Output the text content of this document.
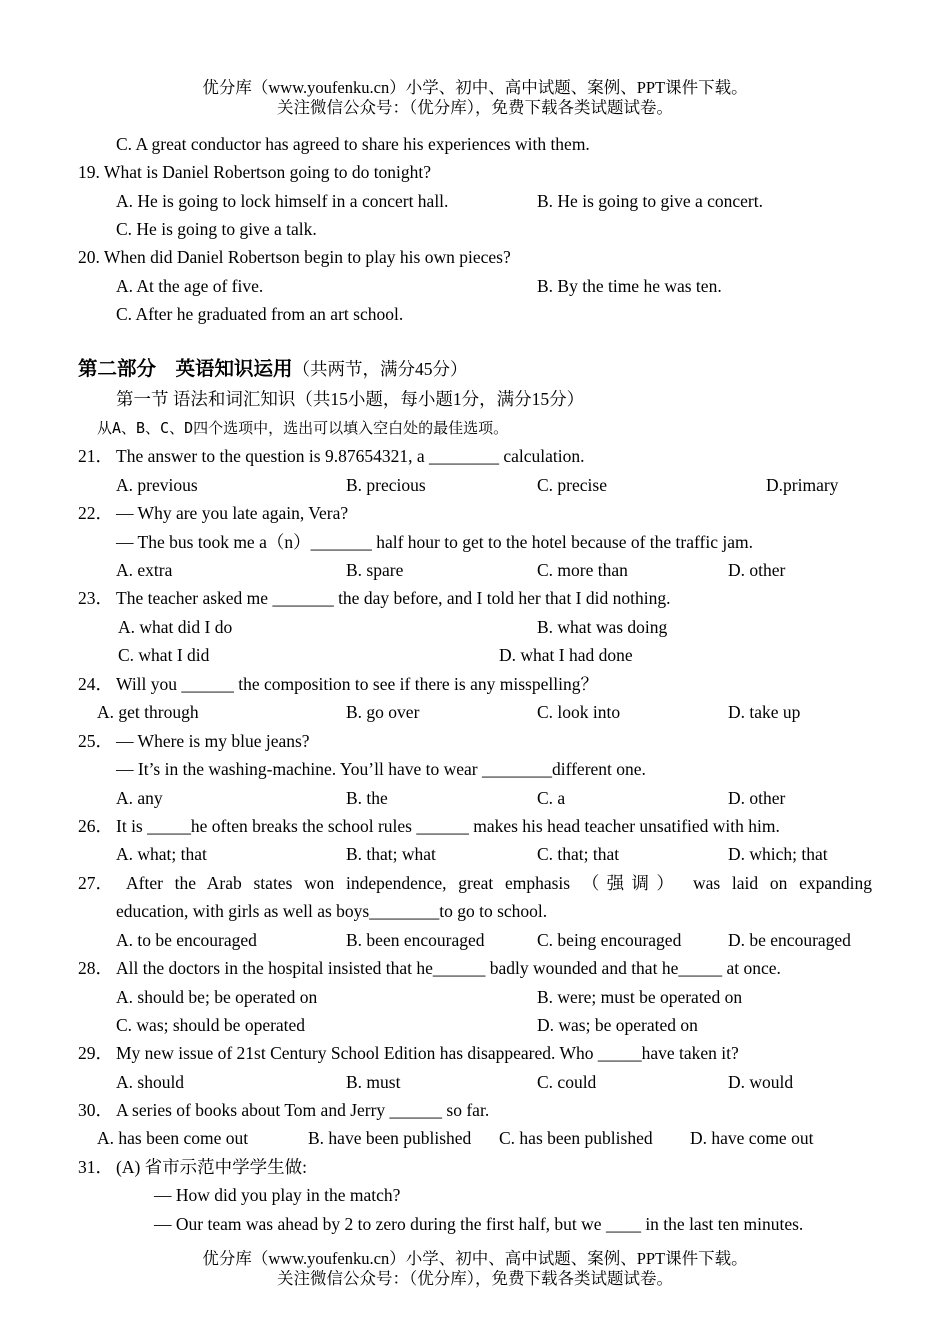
优分库（www.youfenku.cn）小学、初中、高中试题、案例、PPT课件下载。
关注微信公众号：（优分库），免费下载各类试题试卷。
C. A great conductor has agreed to share his experiences with them.
19. What is Daniel Robertson going to do tonight?
A. He is going to lock himself in a concert hall.	B. He is going to give a concert.
C. He is going to give a talk.
20. When did Daniel Robertson begin to play his own pieces?
A. At the age of five.	B. By the time he was ten.
C. After he graduated from an art school.
第二部分　英语知识运用（共两节，满分45分）
第一节 语法和词汇知识（共15小题，每小题1分，满分15分）
从A、B、C、D四个选项中，选出可以填入空白处的最佳选项。
21． The answer to the question is 9.87654321, a ________ calculation.
A. previous	B. precious	C. precise	D.primary
22． — Why are you late again, Vera?
— The bus took me a（n）_______ half hour to get to the hotel because of the traffic jam.
A. extra	B. spare	C. more than	D. other
23． The teacher asked me _______ the day before, and I told her that I did nothing.
A. what did I do	B. what was doing
C. what I did	D. what I had done
24． Will you ______ the composition to see if there is any misspelling？
A. get through	B. go over	C. look into	D. take up
25． — Where is my blue jeans?
— It’s in the washing-machine. You’ll have to wear ________different one.
A. any	B. the	C. a	D. other
26． It is _____he often breaks the school rules ______ makes his head teacher unsatified with him.
A. what; that	B. that; what	C. that; that	D. which; that
27． After the Arab states won independence, great emphasis （强调） was laid on expanding
education, with girls as well as boys________to go to school.
A. to be encouraged	B. been encouraged	C. being encouraged	D. be encouraged
28． All the doctors in the hospital insisted that he______ badly wounded and that he_____ at once.
A. should be; be operated on	B. were; must be operated on
C. was; should be operated	D. was; be operated on
29． My new issue of 21st Century School Edition has disappeared. Who _____have taken it?
A. should	B. must	C. could	D. would
30． A series of books about Tom and Jerry ______ so far.
A. has been come out	B. have been published C. has been published D. have come out
31． (A) 省市示范中学学生做:
— How did you play in the match?
— Our team was ahead by 2 to zero during the first half, but we ____ in the last ten minutes.
优分库（www.youfenku.cn）小学、初中、高中试题、案例、PPT课件下载。
关注微信公众号：（优分库），免费下载各类试题试卷。
